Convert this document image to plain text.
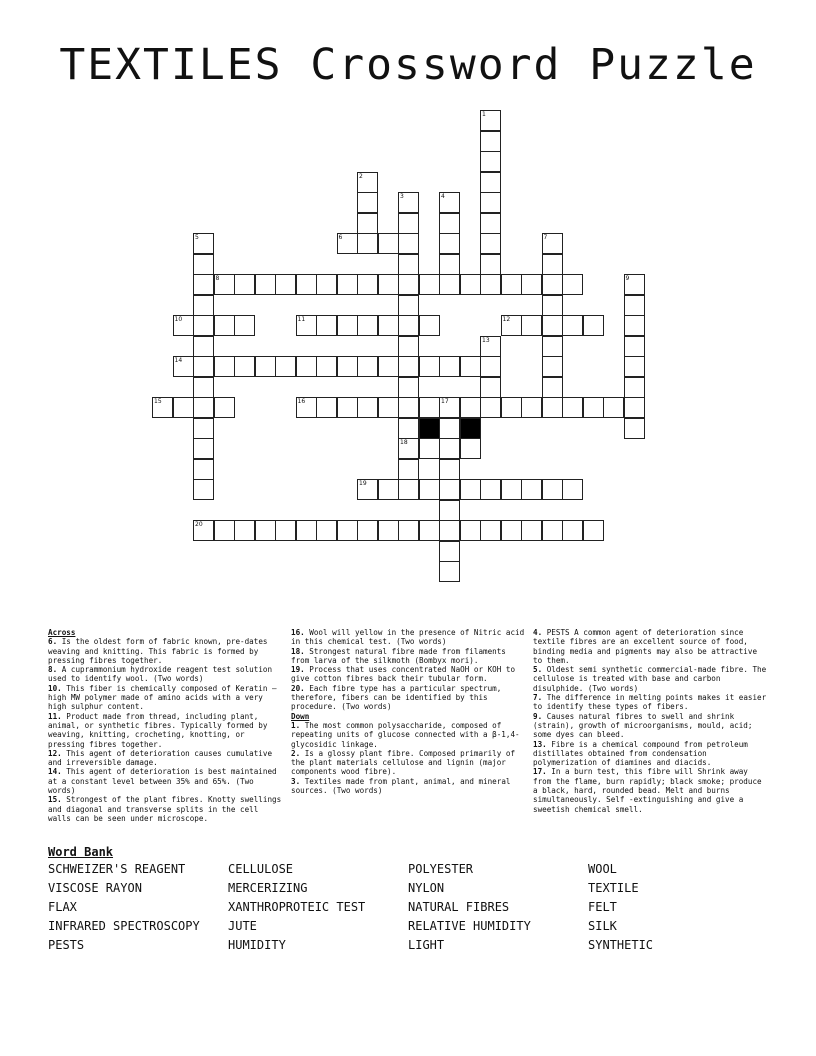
TEXTILES Crossword Puzzle
1
2
3
18
4
5	6	7
8	9
10	11	12
13
14
15	16	17
19
20

Across

6. Is the oldest form of fabric known, pre-dates weaving and knitting. This fabric is formed by pressing fibres together.

8. A cuprammonium hydroxide reagent test solution used to identify wool. (Two words)

10. This fiber is chemically composed of Keratin – high MW polymer made of amino acids with a very high sulphur content.

11. Product made from thread, including plant, animal, or synthetic fibres. Typically formed by weaving, knitting, crocheting, knotting, or pressing fibres together.

12. This agent of deterioration causes cumulative and irreversible damage.

14. This agent of deterioration is best maintained at a constant level between 35% and 65%. (Two words)

15. Strongest of the plant fibres. Knotty swellings and diagonal and transverse splits in the cell walls can be seen under microscope.

16. Wool will yellow in the presence of Nitric acid in this chemical test. (Two words)

18. Strongest natural fibre made from filaments from larva of the silkmoth (Bombyx mori).

19. Process that uses concentrated NaOH or KOH to give cotton fibres back their tubular form.

20. Each fibre type has a particular spectrum, therefore, fibers can be identified by this procedure. (Two words)

Down

1. The most common polysaccharide, composed of repeating units of glucose connected with a β-1,4-glycosidic linkage.

2. Is a glossy plant fibre. Composed primarily of the plant materials cellulose and lignin (major components wood fibre).

3. Textiles made from plant, animal, and mineral sources. (Two words)

4. PESTS A common agent of deterioration since textile fibres are an excellent source of food, binding media and pigments may also be attractive to them.

5. Oldest semi synthetic commercial-made fibre. The cellulose is treated with base and carbon disulphide. (Two words)

7. The difference in melting points makes it easier to identify these types of fibers.

9. Causes natural fibres to swell and shrink (strain), growth of microorganisms, mould, acid; some dyes can bleed.

13. Fibre is a chemical compound from petroleum distillates obtained from condensation polymerization of diamines and diacids.

17. In a burn test, this fibre will Shrink away from the flame, burn rapidly; black smoke; produce a black, hard, rounded bead. Melt and burns simultaneously. Self -extinguishing and give a sweetish chemical smell.

Word Bank

SCHWEIZER'S REAGENT
VISCOSE RAYON
FLAX
INFRARED SPECTROSCOPY
PESTS
CELLULOSE
MERCERIZING
XANTHROPROTEIC TEST
JUTE
HUMIDITY
POLYESTER
NYLON
NATURAL FIBRES
RELATIVE HUMIDITY
LIGHT
WOOL
TEXTILE
FELT
SILK
SYNTHETIC
